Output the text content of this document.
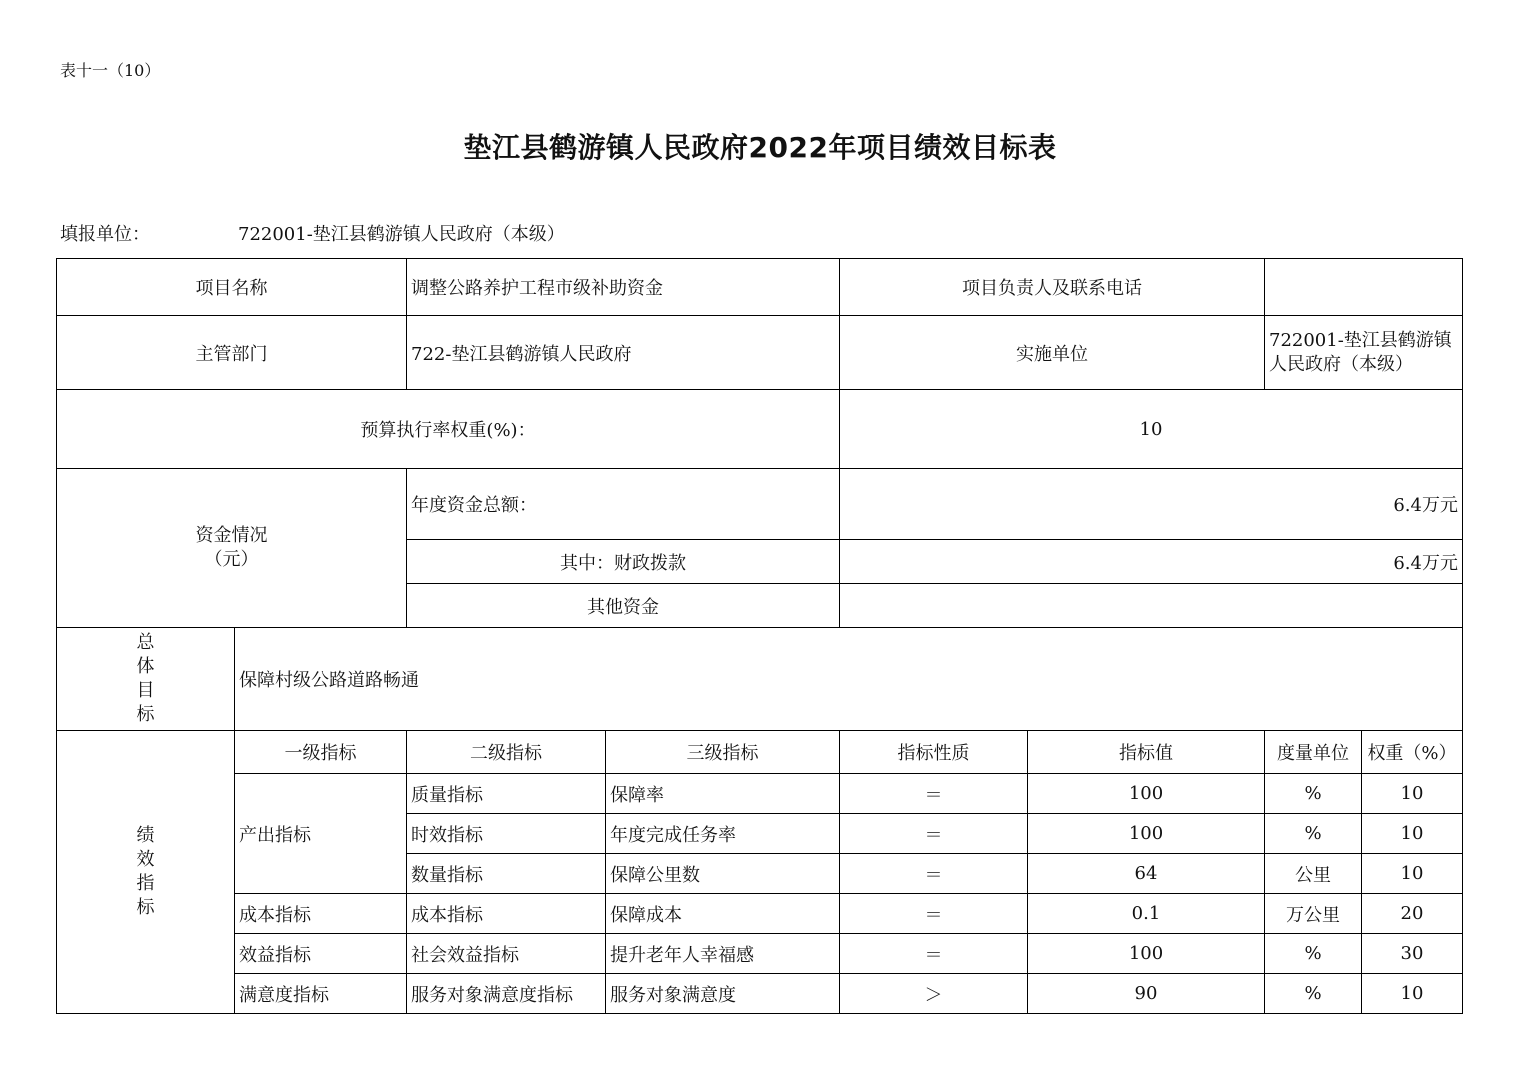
表十一（10）
垫江县鹤游镇人民政府2022年项目绩效目标表
填报单位：	722001-垫江县鹤游镇人民政府（本级）
项目名称		调整公路养护工程市级补助资金		项目负责人及联系电话			
主管部门		722-垫江县鹤游镇人民政府		实施单位		722001-垫江县鹤游镇人民政府（本级）	
预算执行率权重(%)：				10			

资金情况
（元）		年度资金总额：		6.4万元			
		其中：财政拨款		6.4万元			
		其他资金					

总
体
目
标	保障村级公路道路畅通						

绩
效
指
标	一级指标	二级指标	三级指标	指标性质	指标值	度量单位	权重（%）
	产出指标	质量指标	保障率	＝	100	%	10
		时效指标	年度完成任务率	＝	100	%	10
		数量指标	保障公里数	＝	64	公里	10
	成本指标	成本指标	保障成本	＝	0.1	万公里	20
	效益指标	社会效益指标	提升老年人幸福感	＝	100	%	30
	满意度指标	服务对象满意度指标	服务对象满意度	＞	90	%	10
